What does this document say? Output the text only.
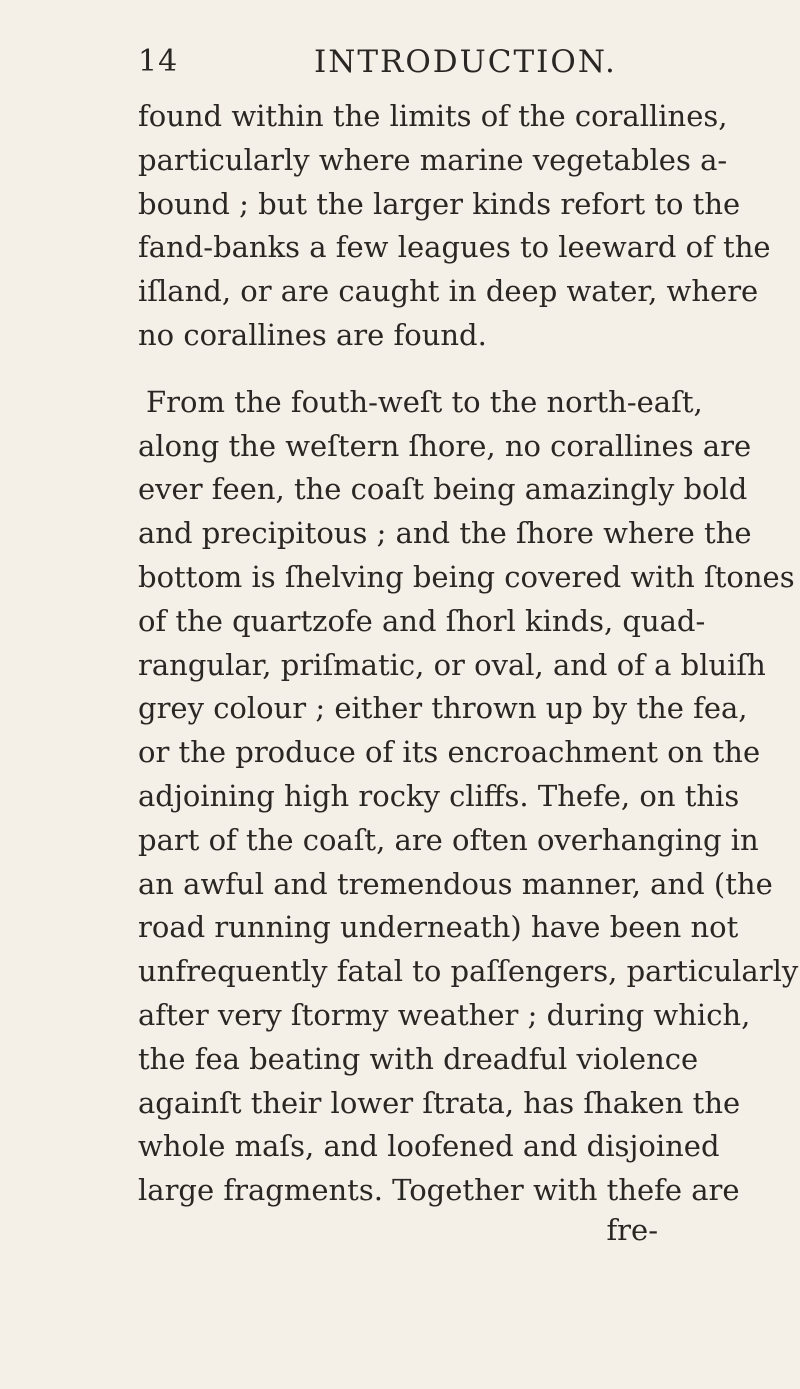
14	INTRODUCTION.
found within the limits of the corallines,
particularly where marine vegetables a-
bound ; but the larger kinds refort to the
fand-banks a few leagues to leeward of the
iſland, or are caught in deep water, where
no corallines are found.
From the fouth-weſt to the north-eaſt,
along the weſtern ſhore, no corallines are
ever feen, the coaſt being amazingly bold
and precipitous ; and the ſhore where the
bottom is ſhelving being covered with ſtones
of the quartzofe and ſhorl kinds, quad-
rangular, priſmatic, or oval, and of a bluiſh
grey colour ; either thrown up by the fea,
or the produce of its encroachment on the
adjoining high rocky cliffs. Thefe, on this
part of the coaſt, are often overhanging in
an awful and tremendous manner, and (the
road running underneath) have been not
unfrequently fatal to paſſengers, particularly
after very ſtormy weather ; during which,
the fea beating with dreadful violence
againſt their lower ſtrata, has ſhaken the
whole maſs, and loofened and disjoined
large fragments. Together with thefe are
fre-
